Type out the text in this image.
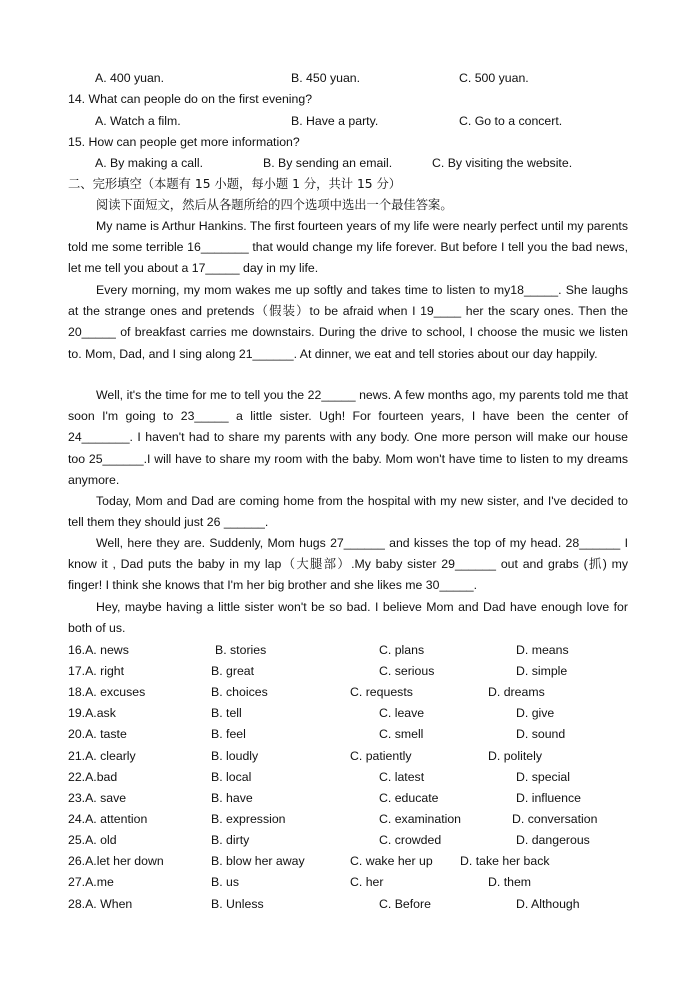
A. 400 yuan.	B. 450 yuan.	C. 500 yuan.
14. What can people do on the first evening?
A. Watch a film.	B. Have a party.	C. Go to a concert.
15. How can people get more information?
A. By making a call.	B. By sending an email.	C. By visiting the website.
二、完形填空（本题有 15 小题，每小题 1 分，共计 15 分）
阅读下面短文，然后从各题所给的四个选项中选出一个最佳答案。
My name is Arthur Hankins. The first fourteen years of my life were nearly perfect until my parents told me some terrible 16_______ that would change my life forever. But before I tell you the bad news, let me tell you about a 17_____ day in my life.
Every morning, my mom wakes me up softly and takes time to listen to my18_____. She laughs at the strange ones and pretends（假装）to be afraid when I 19____ her the scary ones. Then the 20_____ of breakfast carries me downstairs. During the drive to school, I choose the music we listen to. Mom, Dad, and I sing along 21______. At dinner, we eat and tell stories about our day happily.
Well, it's the time for me to tell you the 22_____ news. A few months ago, my parents told me that soon I'm going to 23_____ a little sister. Ugh! For fourteen years, I have been the center of 24_______. I haven't had to share my parents with any body. One more person will make our house too 25______.I will have to share my room with the baby. Mom won't have time to listen to my dreams anymore.
Today, Mom and Dad are coming home from the hospital with my new sister, and I've decided to tell them they should just 26 ______.
Well, here they are. Suddenly, Mom hugs 27______ and kisses the top of my head. 28______ I know it , Dad puts the baby in my lap（大腿部）.My baby sister 29______ out and grabs (抓) my finger! I think she knows that I'm her big brother and she likes me 30_____.
Hey, maybe having a little sister won't be so bad. I believe Mom and Dad have enough love for both of us.
16.A. news	B. stories	C. plans	D. means
17.A. right	B. great	C. serious	D. simple
18.A. excuses	B. choices	C. requests	D. dreams
19.A.ask	B. tell	C. leave	D. give
20.A. taste	B. feel	C. smell	D. sound
21.A. clearly	B. loudly	C. patiently	D. politely
22.A.bad	B. local	C. latest	D. special
23.A. save	B. have	C. educate	D. influence
24.A. attention	B. expression	C. examination	D. conversation
25.A. old	B. dirty	C. crowded	D. dangerous
26.A.let her down	B. blow her away	C. wake her up D. take her back
27.A.me	B. us	C. her	D. them
28.A. When	B. Unless	C. Before	D. Although
